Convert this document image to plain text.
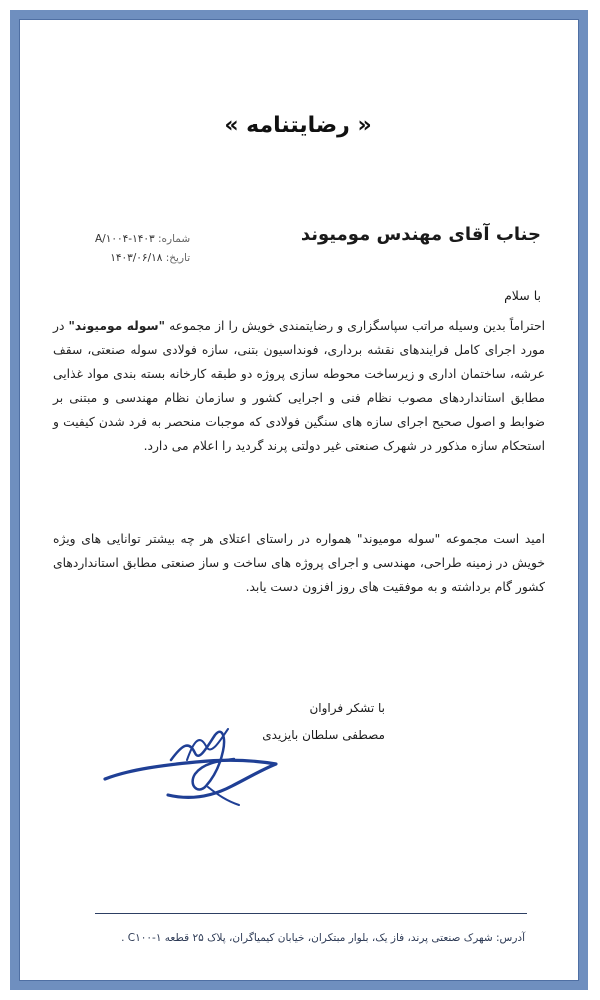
« رضایتنامه »
جناب آقای مهندس مومیوند
شماره: ۱۴۰۳-A/۱۰۰۴
تاریخ: ۱۴۰۳/۰۶/۱۸
با سلام

احتراماً بدین وسیله مراتب سپاسگزاری و رضایتمندی خویش را از مجموعه "سوله مومیوند" در مورد اجرای کامل فرایندهای نقشه برداری، فونداسیون بتنی، سازه فولادی سوله صنعتی، سقف عرشه، ساختمان اداری و زیرساخت محوطه سازی پروژه دو طبقه کارخانه بسته بندی مواد غذایی مطابق استانداردهای مصوب نظام فنی و اجرایی کشور و سازمان نظام مهندسی و مبتنی بر ضوابط و اصول صحیح اجرای سازه های سنگین فولادی که موجبات منحصر به فرد شدن کیفیت و استحکام سازه مذکور در شهرک صنعتی غیر دولتی پرند گردید را اعلام می دارد.

امید است مجموعه "سوله مومیوند" همواره در راستای اعتلای هر چه بیشتر توانایی های ویژه خویش در زمینه طراحی، مهندسی و اجرای پروژه های ساخت و ساز صنعتی مطابق استانداردهای کشور گام برداشته و به موفقیت های روز افزون دست یابد.

با تشکر فراوان
مصطفی سلطان بایزیدی
آدرس: شهرک صنعتی پرند، فاز یک، بلوار مبتکران، خیابان کیمیاگران، پلاک ۲۵ قطعه ۱-C۱۰۰ .
